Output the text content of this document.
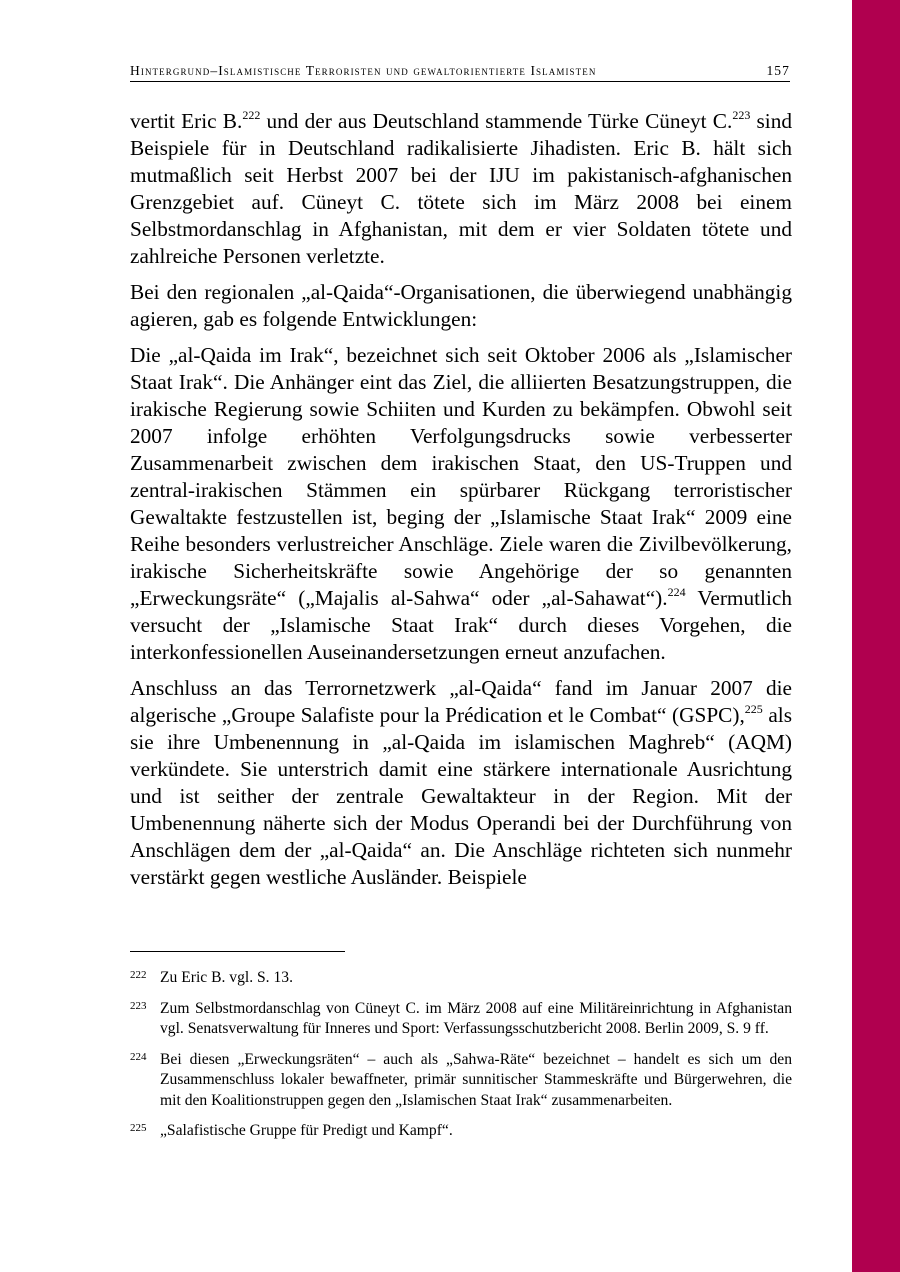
Hintergrund–Islamistische Terroristen und gewaltorientierte Islamisten	157

vertit Eric B.$^{222}$ und der aus Deutschland stammende Türke Cüneyt C.$^{223}$ sind Beispiele für in Deutschland radikalisierte Jihadisten. Eric B. hält sich mutmaßlich seit Herbst 2007 bei der IJU im pakistanisch-afghanischen Grenzgebiet auf. Cüneyt C. tötete sich im März 2008 bei einem Selbstmordanschlag in Afghanistan, mit dem er vier Soldaten tötete und zahlreiche Personen verletzte.

Bei den regionalen „al-Qaida“-Organisationen, die überwiegend unabhängig agieren, gab es folgende Entwicklungen:

Die „al-Qaida im Irak“, bezeichnet sich seit Oktober 2006 als „Islamischer Staat Irak“. Die Anhänger eint das Ziel, die alliierten Besatzungstruppen, die irakische Regierung sowie Schiiten und Kurden zu bekämpfen. Obwohl seit 2007 infolge erhöhten Verfolgungsdrucks sowie verbesserter Zusammenarbeit zwischen dem irakischen Staat, den US-Truppen und zentral-irakischen Stämmen ein spürbarer Rückgang terroristischer Gewaltakte festzustellen ist, beging der „Islamische Staat Irak“ 2009 eine Reihe besonders verlustreicher Anschläge. Ziele waren die Zivilbevölkerung, irakische Sicherheitskräfte sowie Angehörige der so genannten „Erweckungsräte“ („Majalis al-Sahwa“ oder „al-Sahawat“).$^{224}$ Vermutlich versucht der „Islamische Staat Irak“ durch dieses Vorgehen, die interkonfessionellen Auseinandersetzungen erneut anzufachen.

Anschluss an das Terrornetzwerk „al-Qaida“ fand im Januar 2007 die algerische „Groupe Salafiste pour la Prédication et le Combat“ (GSPC),$^{225}$ als sie ihre Umbenennung in „al-Qaida im islamischen Maghreb“ (AQM) verkündete. Sie unterstrich damit eine stärkere internationale Ausrichtung und ist seither der zentrale Gewaltakteur in der Region. Mit der Umbenennung näherte sich der Modus Operandi bei der Durchführung von Anschlägen dem der „al-Qaida“ an. Die Anschläge richteten sich nunmehr verstärkt gegen westliche Ausländer. Beispiele

222 Zu Eric B. vgl. S. 13.
223 Zum Selbstmordanschlag von Cüneyt C. im März 2008 auf eine Militäreinrichtung in Afghanistan vgl. Senatsverwaltung für Inneres und Sport: Verfassungsschutzbericht 2008. Berlin 2009, S. 9 ff.
224 Bei diesen „Erweckungsräten“ – auch als „Sahwa-Räte“ bezeichnet – handelt es sich um den Zusammenschluss lokaler bewaffneter, primär sunnitischer Stammeskräfte und Bürgerwehren, die mit den Koalitionstruppen gegen den „Islamischen Staat Irak“ zusammenarbeiten.
225 „Salafistische Gruppe für Predigt und Kampf“.
